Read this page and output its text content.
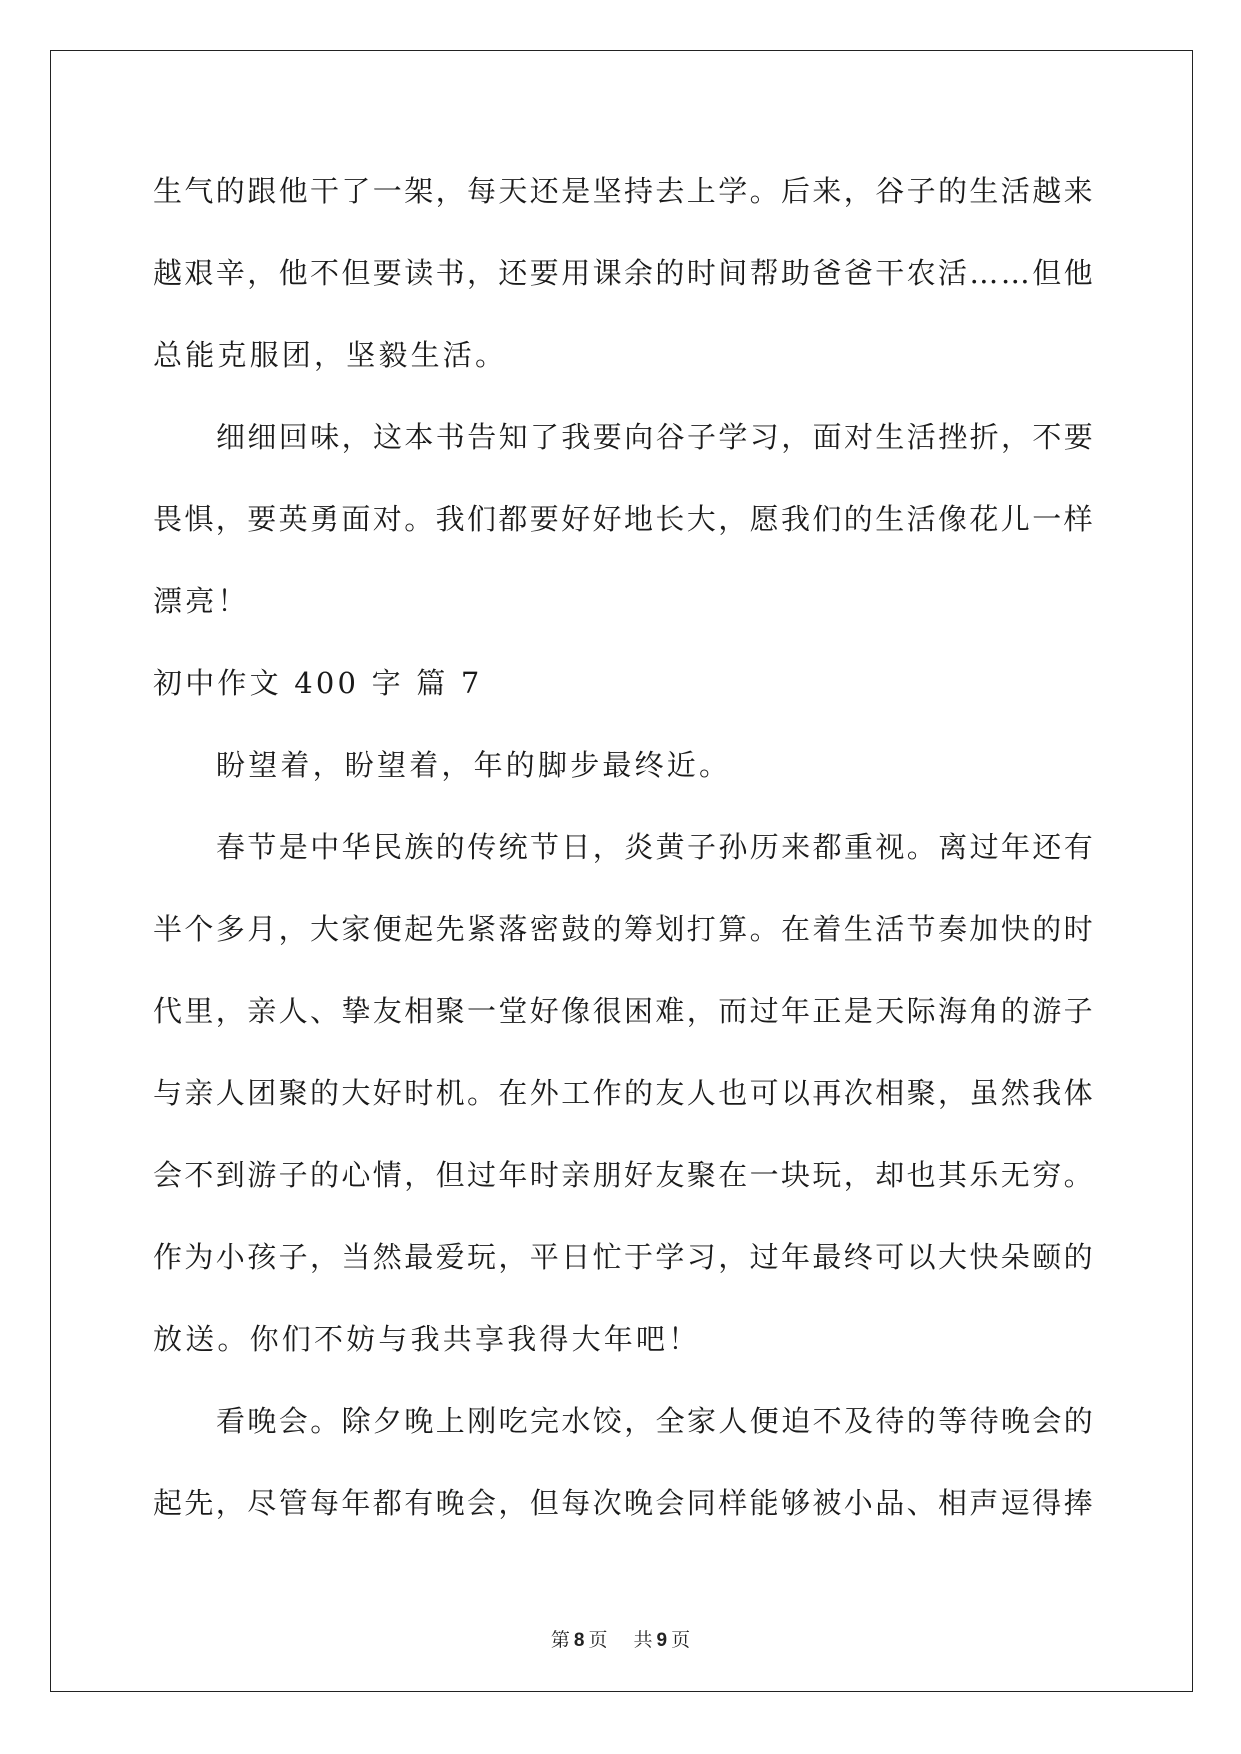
生气的跟他干了一架，每天还是坚持去上学。后来，谷子的生活越来
越艰辛，他不但要读书，还要用课余的时间帮助爸爸干农活……但他
总能克服团，坚毅生活。
细细回味，这本书告知了我要向谷子学习，面对生活挫折，不要
畏惧，要英勇面对。我们都要好好地长大，愿我们的生活像花儿一样
漂亮！
初中作文 400 字 篇 7
盼望着，盼望着，年的脚步最终近。
春节是中华民族的传统节日，炎黄子孙历来都重视。离过年还有
半个多月，大家便起先紧落密鼓的筹划打算。在着生活节奏加快的时
代里，亲人、挚友相聚一堂好像很困难，而过年正是天际海角的游子
与亲人团聚的大好时机。在外工作的友人也可以再次相聚，虽然我体
会不到游子的心情，但过年时亲朋好友聚在一块玩，却也其乐无穷。
作为小孩子，当然最爱玩，平日忙于学习，过年最终可以大快朵颐的
放送。你们不妨与我共享我得大年吧！
看晚会。除夕晚上刚吃完水饺，全家人便迫不及待的等待晚会的
起先，尽管每年都有晚会，但每次晚会同样能够被小品、相声逗得捧
第 8 页 共 9 页
